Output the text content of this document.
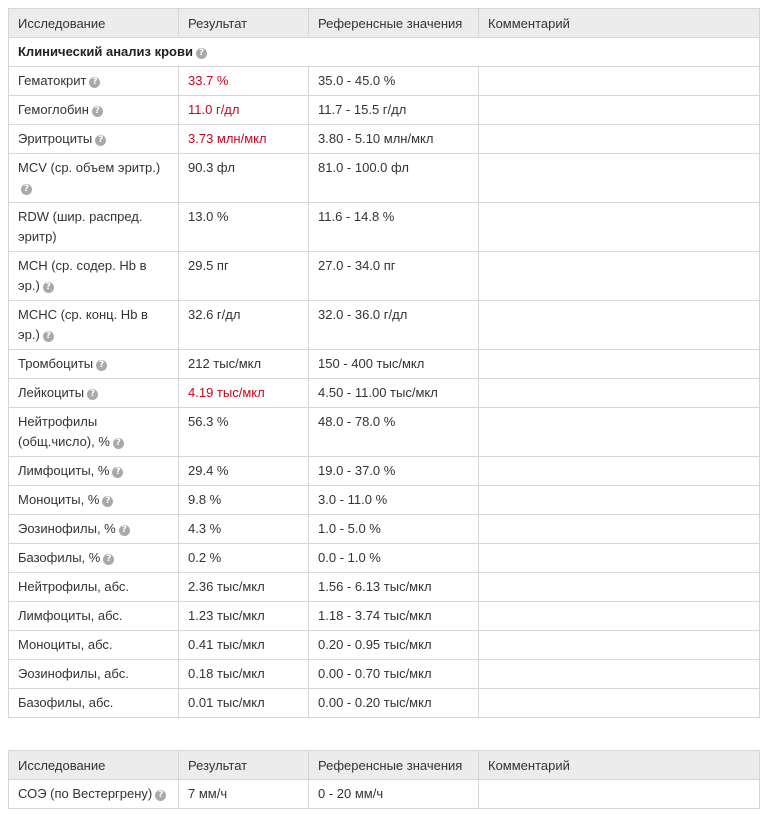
Исследование	Результат	Референсные значения	Комментарий
Клинический анализ крови ?			
Гематокрит ?	33.7 %	35.0 - 45.0 %	
Гемоглобин ?	11.0 г/дл	11.7 - 15.5 г/дл	
Эритроциты ?	3.73 млн/мкл	3.80 - 5.10 млн/мкл	
MCV (ср. объем эритр.)?	90.3 фл	81.0 - 100.0 фл	
RDW (шир. распред. эритр)	13.0 %	11.6 - 14.8 %	
MCH (ср. содер. Hb в эр.) ?	29.5 пг	27.0 - 34.0 пг	
MCHC (ср. конц. Hb в эр.) ?	32.6 г/дл	32.0 - 36.0 г/дл	
Тромбоциты ?	212 тыс/мкл	150 - 400 тыс/мкл	
Лейкоциты ?	4.19 тыс/мкл	4.50 - 11.00 тыс/мкл	
Нейтрофилы (общ.число), % ?	56.3 %	48.0 - 78.0 %	
Лимфоциты, % ?	29.4 %	19.0 - 37.0 %	
Моноциты, % ?	9.8 %	3.0 - 11.0 %	
Эозинофилы, % ?	4.3 %	1.0 - 5.0 %	
Базофилы, % ?	0.2 %	0.0 - 1.0 %	
Нейтрофилы, абс.	2.36 тыс/мкл	1.56 - 6.13 тыс/мкл	
Лимфоциты, абс.	1.23 тыс/мкл	1.18 - 3.74 тыс/мкл	
Моноциты, абс.	0.41 тыс/мкл	0.20 - 0.95 тыс/мкл	
Эозинофилы, абс.	0.18 тыс/мкл	0.00 - 0.70 тыс/мкл	
Базофилы, абс.	0.01 тыс/мкл	0.00 - 0.20 тыс/мкл	
Исследование	Результат	Референсные значения	Комментарий
СОЭ (по Вестергрену) ?	7 мм/ч	0 - 20 мм/ч	
